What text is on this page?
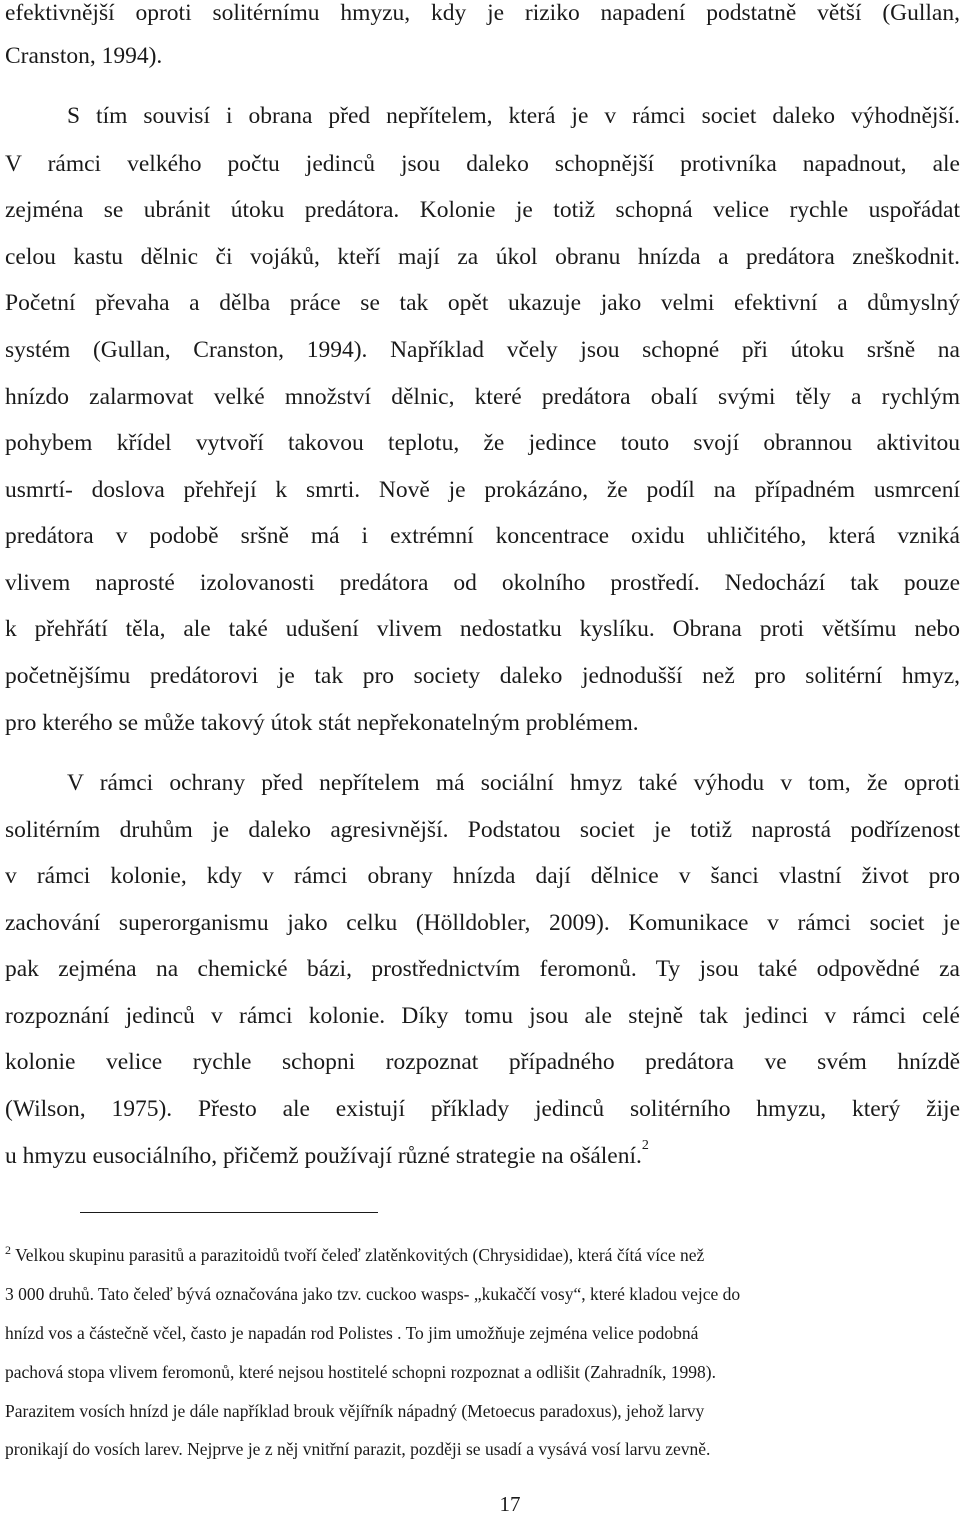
efektivnější oproti solitérnímu hmyzu, kdy je riziko napadení podstatně větší (Gullan,
Cranston, 1994).
S tím souvisí i obrana před nepřítelem, která je v rámci societ daleko výhodnější.
V rámci velkého počtu jedinců jsou daleko schopnější protivníka napadnout, ale
zejména se ubránit útoku predátora. Kolonie je totiž schopná velice rychle uspořádat
celou kastu dělnic či vojáků, kteří mají za úkol obranu hnízda a predátora zneškodnit.
Početní převaha a dělba práce se tak opět ukazuje jako velmi efektivní a důmyslný
systém (Gullan, Cranston, 1994). Například včely jsou schopné při útoku sršně na
hnízdo zalarmovat velké množství dělnic, které predátora obalí svými těly a rychlým
pohybem křídel vytvoří takovou teplotu, že jedince touto svojí obrannou aktivitou
usmrtí- doslova přehřejí k smrti. Nově je prokázáno, že podíl na případném usmrcení
predátora v podobě sršně má i extrémní koncentrace oxidu uhličitého, která vzniká
vlivem naprosté izolovanosti predátora od okolního prostředí. Nedochází tak pouze
k přehřátí těla, ale také udušení vlivem nedostatku kyslíku. Obrana proti většímu nebo
početnějšímu predátorovi je tak pro society daleko jednodušší než pro solitérní hmyz,
pro kterého se může takový útok stát nepřekonatelným problémem.
V rámci ochrany před nepřítelem má sociální hmyz také výhodu v tom, že oproti
solitérním druhům je daleko agresivnější. Podstatou societ je totiž naprostá podřízenost
v rámci kolonie, kdy v rámci obrany hnízda dají dělnice v šanci vlastní život pro
zachování superorganismu jako celku (Hölldobler, 2009). Komunikace v rámci societ je
pak zejména na chemické bázi, prostřednictvím feromonů. Ty jsou také odpovědné za
rozpoznání jedinců v rámci kolonie. Díky tomu jsou ale stejně tak jedinci v rámci celé
kolonie velice rychle schopni rozpoznat případného predátora ve svém hnízdě
(Wilson, 1975). Přesto ale existují příklady jedinců solitérního hmyzu, který žije
u hmyzu eusociálního, přičemž používají různé strategie na ošálení.$^2$
$^2$ Velkou skupinu parasitů a parazitoidů tvoří čeleď zlatěnkovitých (Chrysididae), která čítá více než
3 000 druhů. Tato čeleď bývá označována jako tzv. cuckoo wasps- „kukaččí vosy“, které kladou vejce do
hnízd vos a částečně včel, často je napadán rod Polistes . To jim umožňuje zejména velice podobná
pachová stopa vlivem feromonů, které nejsou hostitelé schopni rozpoznat a odlišit (Zahradník, 1998).
Parazitem vosích hnízd je dále například brouk vějířník nápadný (Metoecus paradoxus), jehož larvy
pronikají do vosích larev. Nejprve je z něj vnitřní parazit, později se usadí a vysává vosí larvu zevně.
17
